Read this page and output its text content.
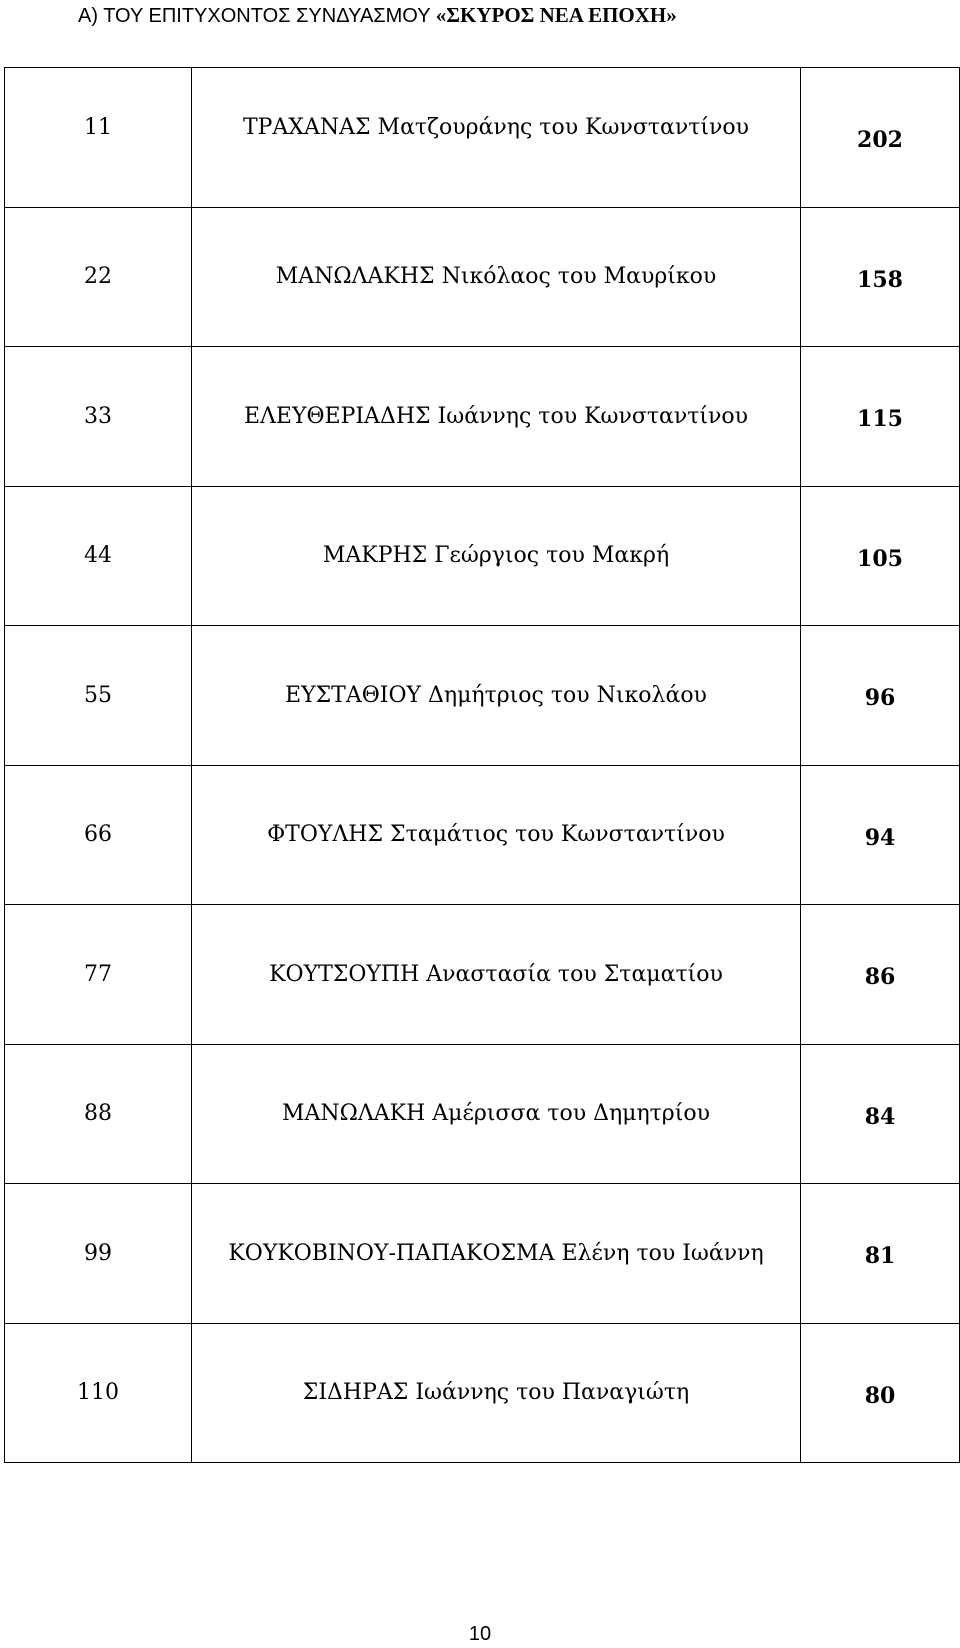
Α) ΤΟΥ ΕΠΙΤΥΧΟΝΤΟΣ ΣΥΝΔΥΑΣΜΟΥ «ΣΚΥΡΟΣ ΝΕΑ ΕΠΟΧΗ»
11	ΤΡΑΧΑΝΑΣ Ματζουράνης του Κωνσταντίνου	202
22	ΜΑΝΩΛΑΚΗΣ Νικόλαος του Μαυρίκου	158
33	ΕΛΕΥΘΕΡΙΑΔΗΣ Ιωάννης του Κωνσταντίνου	115
44	ΜΑΚΡΗΣ Γεώργιος του Μακρή	105
55	ΕΥΣΤΑΘΙΟΥ Δημήτριος του Νικολάου	96
66	ΦΤΟΥΛΗΣ Σταμάτιος του Κωνσταντίνου	94
77	ΚΟΥΤΣΟΥΠΗ Αναστασία του Σταματίου	86
88	ΜΑΝΩΛΑΚΗ Αμέρισσα του Δημητρίου	84
99	ΚΟΥΚΟΒΙΝΟΥ-ΠΑΠΑΚΟΣΜΑ Ελένη του Ιωάννη	81
110	ΣΙΔΗΡΑΣ Ιωάννης του Παναγιώτη	80
10
